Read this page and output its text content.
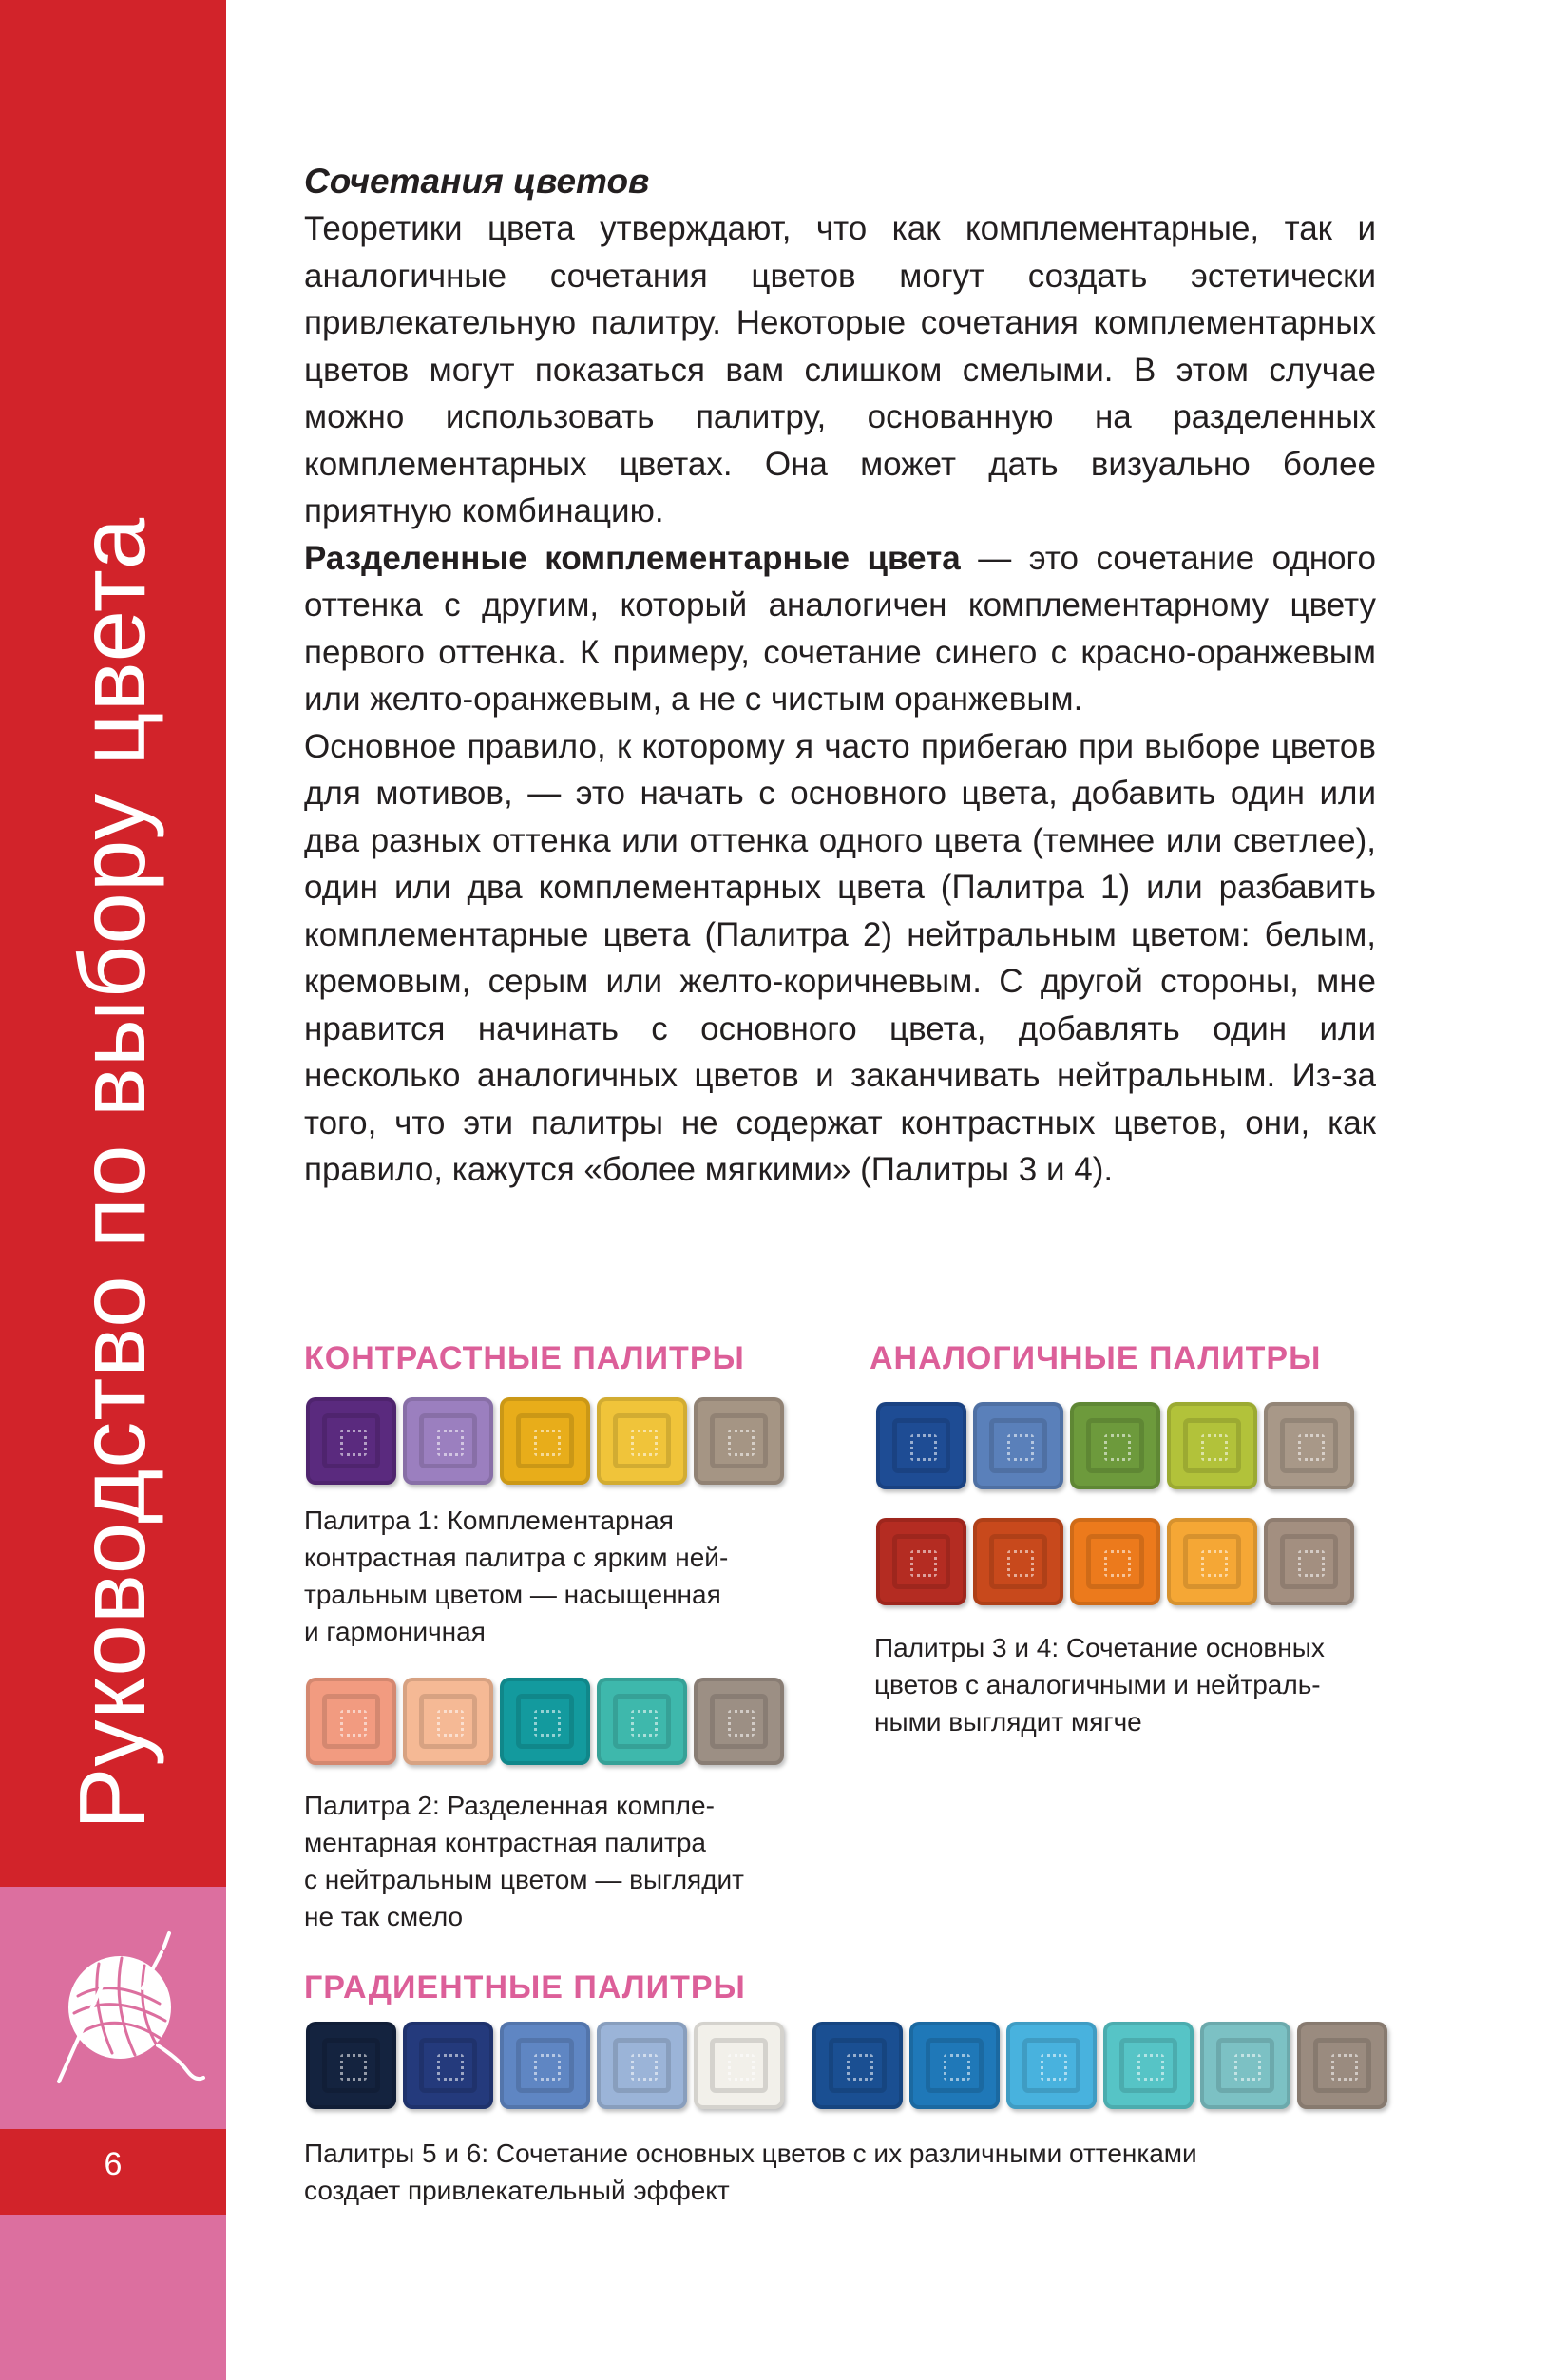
Руководство по выбору цвета
6

Сочетания цветов

Теоретики цвета утверждают, что как комплементарные, так и аналогичные сочетания цветов могут создать эстетически привлекательную палитру. Некоторые сочетания комплементарных цветов могут показаться вам слишком смелыми. В этом случае можно использовать палитру, основанную на разделенных комплементарных цветах. Она может дать визуально более приятную комбинацию.

Разделенные комплементарные цвета — это сочетание одного оттенка с другим, который аналогичен комплементарному цвету первого оттенка. К примеру, сочетание синего с красно-оранжевым или желто-оранжевым, а не с чистым оранжевым.

Основное правило, к которому я часто прибегаю при выборе цветов для мотивов, — это начать с основного цвета, добавить один или два разных оттенка или оттенка одного цвета (темнее или светлее), один или два комплементарных цвета (Палитра 1) или разбавить комплементарные цвета (Палитра 2) нейтральным цветом: белым, кремовым, серым или желто-коричневым. С другой стороны, мне нравится начинать с основного цвета, добавлять один или несколько аналогичных цветов и заканчивать нейтральным. Из-за того, что эти палитры не содержат контрастных цветов, они, как правило, кажутся «более мягкими» (Палитры 3 и 4).

КОНТРАСТНЫЕ ПАЛИТРЫ	АНАЛОГИЧНЫЕ ПАЛИТРЫ
ГРАДИЕНТНЫЕ ПАЛИТРЫ
Палитра 1: Комплементарная
контрастная палитра с ярким ней-
тральным цветом — насыщенная
и гармоничная
Палитра 2: Разделенная компле-
ментарная контрастная палитра
с нейтральным цветом — выглядит
не так смело
Палитры 3 и 4: Сочетание основных
цветов с аналогичными и нейтраль-
ными выглядит мягче
Палитры 5 и 6: Сочетание основных цветов с их различными оттенками
создает привлекательный эффект
